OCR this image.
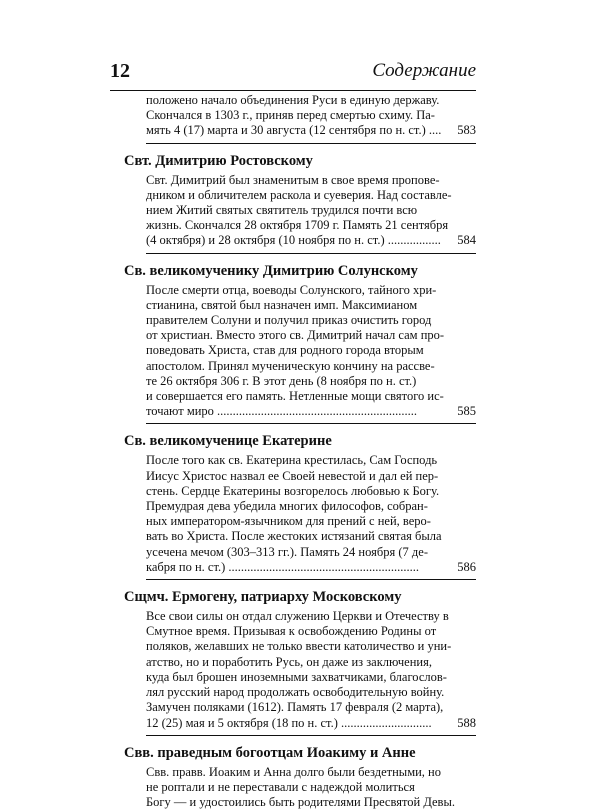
12	Содержание
положено начало объединения Руси в единую державу.
Скончался в 1303 г., приняв перед смертью схиму. Па-
мять 4 (17) марта и 30 августа (12 сентября по н. ст.) .... 583
Свт. Димитрию Ростовскому
Свт. Димитрий был знаменитым в свое время пропове-
дником и обличителем раскола и суеверия. Над составле-
нием Житий святых святитель трудился почти всю
жизнь. Скончался 28 октября 1709 г. Память 21 сентября
(4 октября) и 28 октября (10 ноября по н. ст.) ................. 584
Св. великомученику Димитрию Солунскому
После смерти отца, воеводы Солунского, тайного хри-
стианина, святой был назначен имп. Максимианом
правителем Солуни и получил приказ очистить город
от христиан. Вместо этого св. Димитрий начал сам про-
поведовать Христа, став для родного города вторым
апостолом. Принял мученическую кончину на рассве-
те 26 октября 306 г. В этот день (8 ноября по н. ст.)
и совершается его память. Нетленные мощи святого ис-
точают миро ................................................................	585
Св. великомученице Екатерине
После того как св. Екатерина крестилась, Сам Господь
Иисус Христос назвал ее Своей невестой и дал ей пер-
стень. Сердце Екатерины возгорелось любовью к Богу.
Премудрая дева убедила многих философов, собран-
ных императором-язычником для прений с ней, веро-
вать во Христа. После жестоких истязаний святая была
усечена мечом (303–313 гг.). Память 24 ноября (7 де-
кабря по н. ст.) .............................................................	586
Сщмч. Ермогену, патриарху Московскому
Все свои силы он отдал служению Церкви и Отечеству в
Смутное время. Призывая к освобождению Родины от
поляков, желавших не только ввести католичество и уни-
атство, но и поработить Русь, он даже из заключения,
куда был брошен иноземными захватчиками, благослов-
лял русский народ продолжать освободительную войну.
Замучен поляками (1612). Память 17 февраля (2 марта),
12 (25) мая и 5 октября (18 по н. ст.) ............................. 588
Свв. праведным богоотцам Иоакиму и Анне
Свв. правв. Иоаким и Анна долго были бездетными, но
не роптали и не переставали с надеждой молиться
Богу — и удостоились быть родителями Пресвятой Девы.
